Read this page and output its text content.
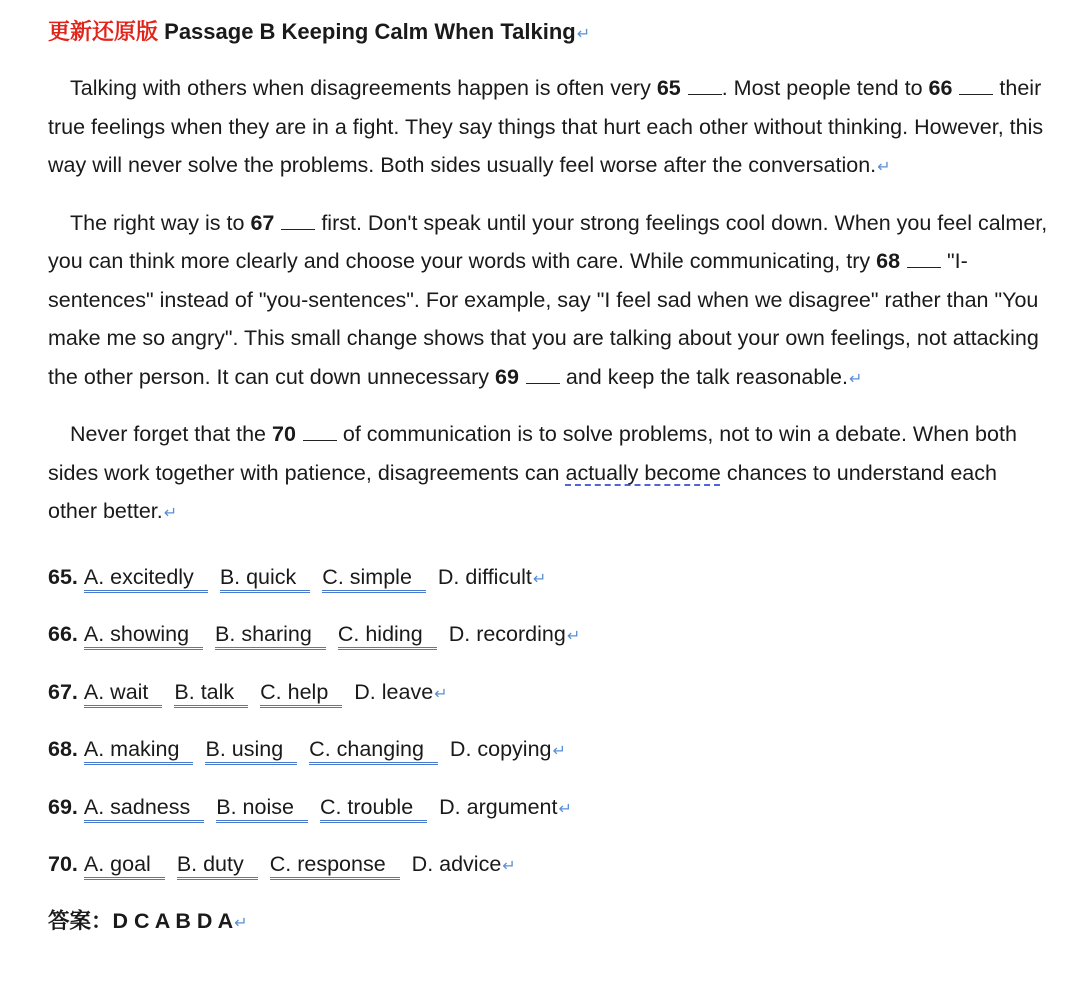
更新还原版 Passage B Keeping Calm When Talking↵

Talking with others when disagreements happen is often very 65 . Most people tend to 66 their true feelings when they are in a fight. They say things that hurt each other without thinking. However, this way will never solve the problems. Both sides usually feel worse after the conversation.↵

The right way is to 67 first. Don't speak until your strong feelings cool down. When you feel calmer, you can think more clearly and choose your words with care. While communicating, try 68 "I-sentences" instead of "you-sentences". For example, say "I feel sad when we disagree" rather than "You make me so angry". This small change shows that you are talking about your own feelings, not attacking the other person. It can cut down unnecessary 69 and keep the talk reasonable.↵

Never forget that the 70 of communication is to solve problems, not to win a debate. When both sides work together with patience, disagreements can actually become chances to understand each other better.↵

65. A. excitedly B. quick C. simple D. difficult↵
66. A. showing B. sharing C. hiding D. recording↵
67. A. wait B. talk C. help D. leave↵
68. A. making B. using C. changing D. copying↵
69. A. sadness B. noise C. trouble D. argument↵
70. A. goal B. duty C. response D. advice↵
答案：D C A B D A↵
